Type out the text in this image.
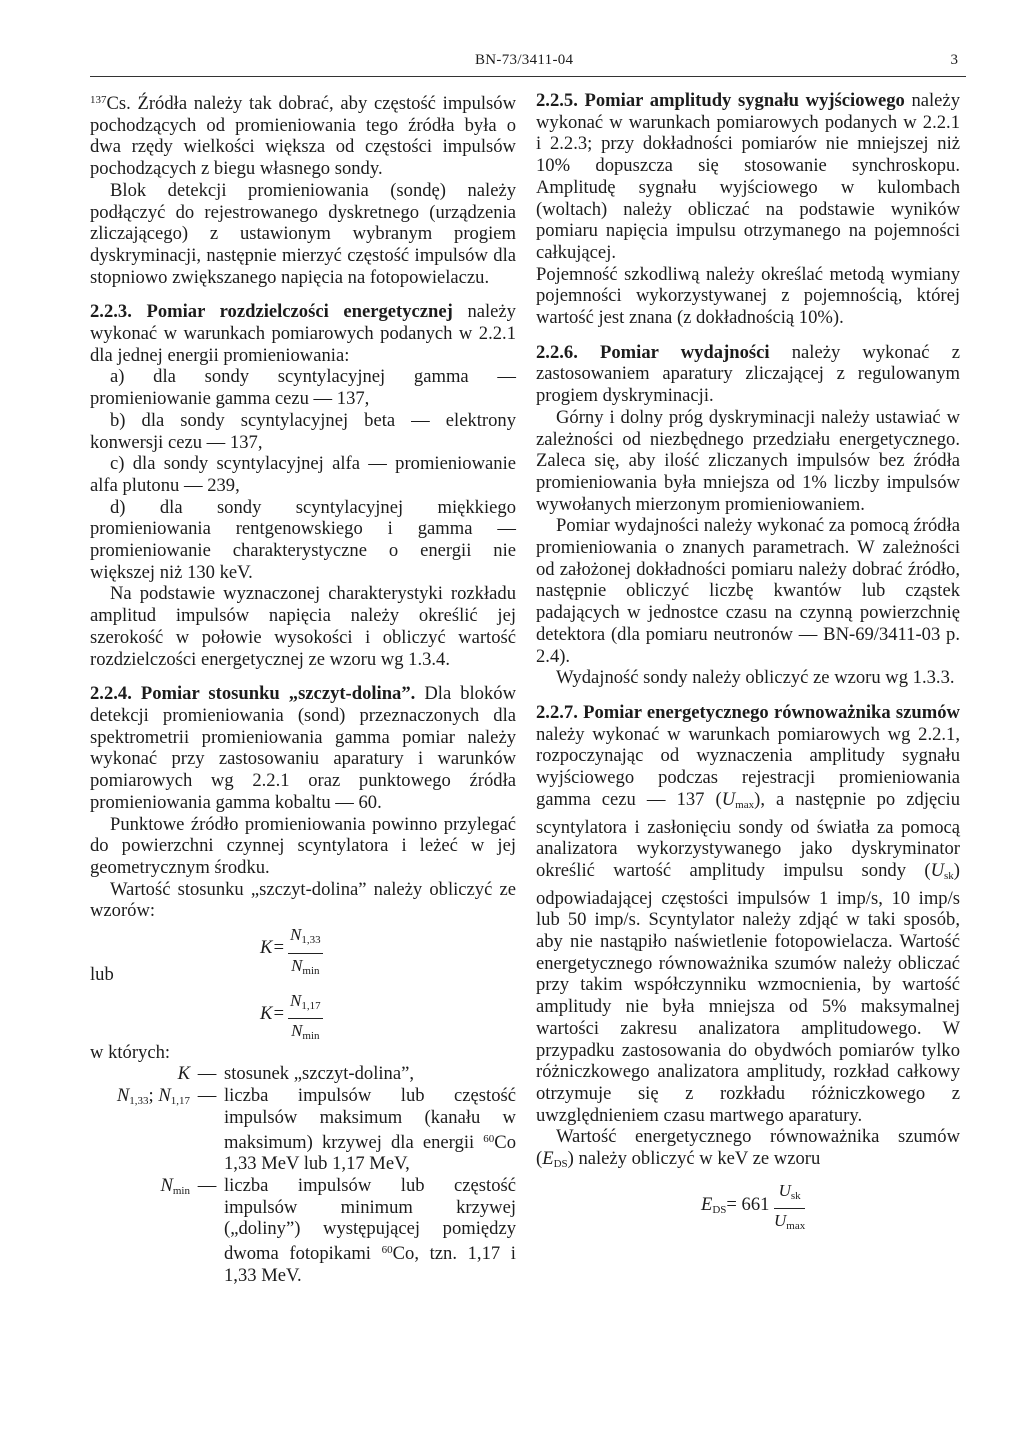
BN-73/3411-04	3

$^{137}$Cs. Źródła należy tak dobrać, aby częstość impulsów pochodzących od promieniowania tego źródła była o dwa rzędy wielkości większa od częstości impulsów pochodzących z biegu własnego sondy.

Blok detekcji promieniowania (sondę) należy podłączyć do rejestrowanego dyskretnego (urządzenia zliczającego) z ustawionym wybranym progiem dyskryminacji, następnie mierzyć częstość impulsów dla stopniowo zwiększanego napięcia na fotopowielaczu.

2.2.3. Pomiar rozdzielczości energetycznej należy wykonać w warunkach pomiarowych podanych w 2.2.1 dla jednej energii promieniowania:

a) dla sondy scyntylacyjnej gamma — promieniowanie gamma cezu — 137,

b) dla sondy scyntylacyjnej beta — elektrony konwersji cezu — 137,

c) dla sondy scyntylacyjnej alfa — promieniowanie alfa plutonu — 239,

d) dla sondy scyntylacyjnej miękkiego promieniowania rentgenowskiego i gamma — promieniowanie charakterystyczne o energii nie większej niż 130 keV.

Na podstawie wyznaczonej charakterystyki rozkładu amplitud impulsów napięcia należy określić jej szerokość w połowie wysokości i obliczyć wartość rozdzielczości energetycznej ze wzoru wg 1.3.4.

2.2.4. Pomiar stosunku „szczyt-dolina”. Dla bloków detekcji promieniowania (sond) przeznaczonych dla spektrometrii promieniowania gamma pomiar należy wykonać przy zastosowaniu aparatury i warunków pomiarowych wg 2.2.1 oraz punktowego źródła promieniowania gamma kobaltu — 60.

Punktowe źródło promieniowania powinno przylegać do powierzchni czynnej scyntylatora i leżeć w jej geometrycznym środku.

Wartość stosunku „szczyt-dolina” należy obliczyć ze wzorów:

K=
$N_{1,33}$
$N_{min}$

lub

K=
$N_{1,17}$
$N_{min}$

w których:

K — stosunek „szczyt-dolina”,
$N_{1,33}$; $N_{1,17}$ — liczba impulsów lub częstość impulsów maksimum (kanału w maksimum) krzywej dla energii $^{60}$Co 1,33 MeV lub 1,17 MeV,
$N_{min}$ — liczba impulsów lub częstość impulsów minimum krzywej („doliny”) występującej pomiędzy dwoma fotopikami $^{60}$Co, tzn. 1,17 i 1,33 MeV.

2.2.5. Pomiar amplitudy sygnału wyjściowego należy wykonać w warunkach pomiarowych podanych w 2.2.1 i 2.2.3; przy dokładności pomiarów nie mniejszej niż 10% dopuszcza się stosowanie synchroskopu. Amplitudę sygnału wyjściowego w kulombach (woltach) należy obliczać na podstawie wyników pomiaru napięcia impulsu otrzymanego na pojemności całkującej.

Pojemność szkodliwą należy określać metodą wymiany pojemności wykorzystywanej z pojemnością, której wartość jest znana (z dokładnością 10%).

2.2.6. Pomiar wydajności należy wykonać z zastosowaniem aparatury zliczającej z regulowanym progiem dyskryminacji.

Górny i dolny próg dyskryminacji należy ustawiać w zależności od niezbędnego przedziału energetycznego. Zaleca się, aby ilość zliczanych impulsów bez źródła promieniowania była mniejsza od 1% liczby impulsów wywołanych mierzonym promieniowaniem.

Pomiar wydajności należy wykonać za pomocą źródła promieniowania o znanych parametrach. W zależności od założonej dokładności pomiaru należy dobrać źródło, następnie obliczyć liczbę kwantów lub cząstek padających w jednostce czasu na czynną powierzchnię detektora (dla pomiaru neutronów — BN-69/3411-03 p. 2.4).

Wydajność sondy należy obliczyć ze wzoru wg 1.3.3.

2.2.7. Pomiar energetycznego równoważnika szumów należy wykonać w warunkach pomiarowych wg 2.2.1, rozpoczynając od wyznaczenia amplitudy sygnału wyjściowego podczas rejestracji promieniowania gamma cezu — 137 $(U_{max})$, a następnie po zdjęciu scyntylatora i zasłonięciu sondy od światła za pomocą analizatora wykorzystywanego jako dyskryminator określić wartość amplitudy impulsu sondy $(U_{sk})$ odpowiadającej częstości impulsów 1 imp/s, 10 imp/s lub 50 imp/s. Scyntylator należy zdjąć w taki sposób, aby nie nastąpiło naświetlenie fotopowielacza. Wartość energetycznego równoważnika szumów należy obliczać przy takim współczynniku wzmocnienia, by wartość amplitudy nie była mniejsza od 5% maksymalnej wartości zakresu analizatora amplitudowego. W przypadku zastosowania do obydwóch pomiarów tylko różniczkowego analizatora amplitudy, rozkład całkowy otrzymuje się z rozkładu różniczkowego z uwzględnieniem czasu martwego aparatury.

Wartość energetycznego równoważnika szumów $(E_{DS})$ należy obliczyć w keV ze wzoru

$E_{DS}= 661$
$U_{sk}$
$U_{max}$
